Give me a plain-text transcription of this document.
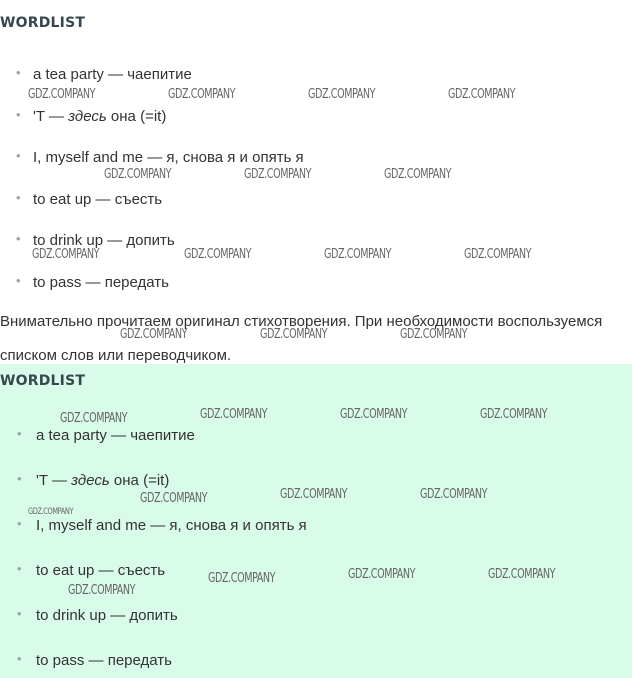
WORDLIST
• a tea party — чаепитие
• 'T — здесь она (=it)
• I, myself and me — я, снова я и опять я
• to eat up — съесть
• to drink up — допить
• to pass — передать

Внимательно прочитаем оригинал стихотворения. При необходимости воспользуемся списком слов или переводчиком.

WORDLIST
• a tea party — чаепитие
• 'T — здесь она (=it)
• I, myself and me — я, снова я и опять я
• to eat up — съесть
• to drink up — допить
• to pass — передать
GDZ.COMPANY	GDZ.COMPANY	GDZ.COMPANY	GDZ.COMPANY
GDZ.COMPANY	GDZ.COMPANY	GDZ.COMPANY
GDZ.COMPANY	GDZ.COMPANY	GDZ.COMPANY	GDZ.COMPANY
GDZ.COMPANY	GDZ.COMPANY	GDZ.COMPANY
GDZ.COMPANY	GDZ.COMPANY	GDZ.COMPANY	GDZ.COMPANY
GDZ.COMPANY	GDZ.COMPANY	GDZ.COMPANY
GDZ.COMPANY
GDZ.COMPANY	GDZ.COMPANY	GDZ.COMPANY
GDZ.COMPANY
